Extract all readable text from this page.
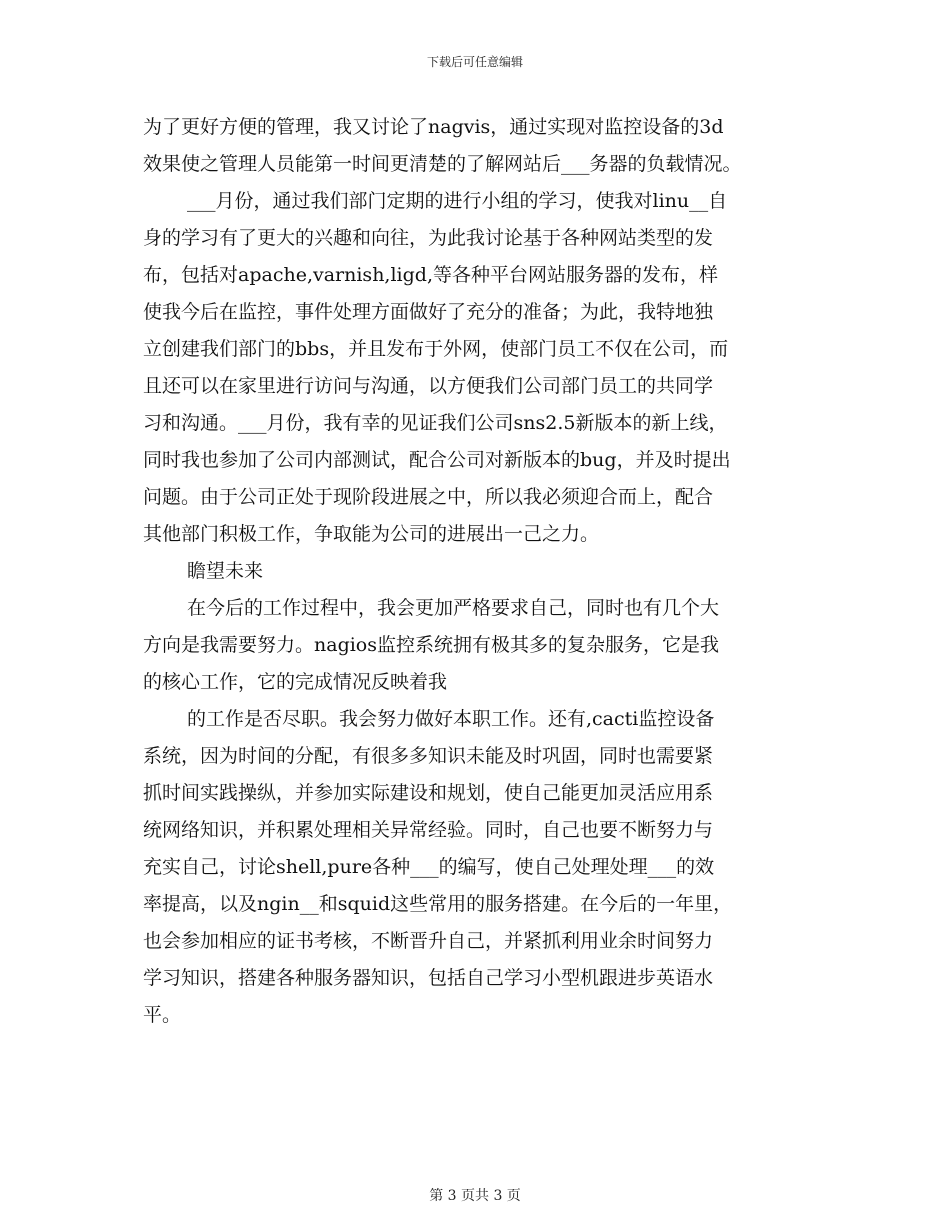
下载后可任意编辑
为了更好方便的管理，我又讨论了nagvis，通过实现对监控设备的3d
效果使之管理人员能第一时间更清楚的了解网站后___务器的负载情况。
___月份，通过我们部门定期的进行小组的学习，使我对linu__自
身的学习有了更大的兴趣和向往，为此我讨论基于各种网站类型的发
布，包括对apache,varnish,ligd,等各种平台网站服务器的发布，样
使我今后在监控，事件处理方面做好了充分的准备；为此，我特地独
立创建我们部门的bbs，并且发布于外网，使部门员工不仅在公司，而
且还可以在家里进行访问与沟通，以方便我们公司部门员工的共同学
习和沟通。___月份，我有幸的见证我们公司sns2.5新版本的新上线，
同时我也参加了公司内部测试，配合公司对新版本的bug，并及时提出
问题。由于公司正处于现阶段进展之中，所以我必须迎合而上，配合
其他部门积极工作，争取能为公司的进展出一己之力。
瞻望未来
在今后的工作过程中，我会更加严格要求自己，同时也有几个大
方向是我需要努力。nagios监控系统拥有极其多的复杂服务，它是我
的核心工作，它的完成情况反映着我
的工作是否尽职。我会努力做好本职工作。还有,cacti监控设备
系统，因为时间的分配，有很多多知识未能及时巩固，同时也需要紧
抓时间实践操纵，并参加实际建设和规划，使自己能更加灵活应用系
统网络知识，并积累处理相关异常经验。同时，自己也要不断努力与
充实自己，讨论shell,pure各种___的编写，使自己处理处理___的效
率提高，以及ngin__和squid这些常用的服务搭建。在今后的一年里，
也会参加相应的证书考核，不断晋升自己，并紧抓利用业余时间努力
学习知识，搭建各种服务器知识，包括自己学习小型机跟进步英语水
平。
第 3 页共 3 页
